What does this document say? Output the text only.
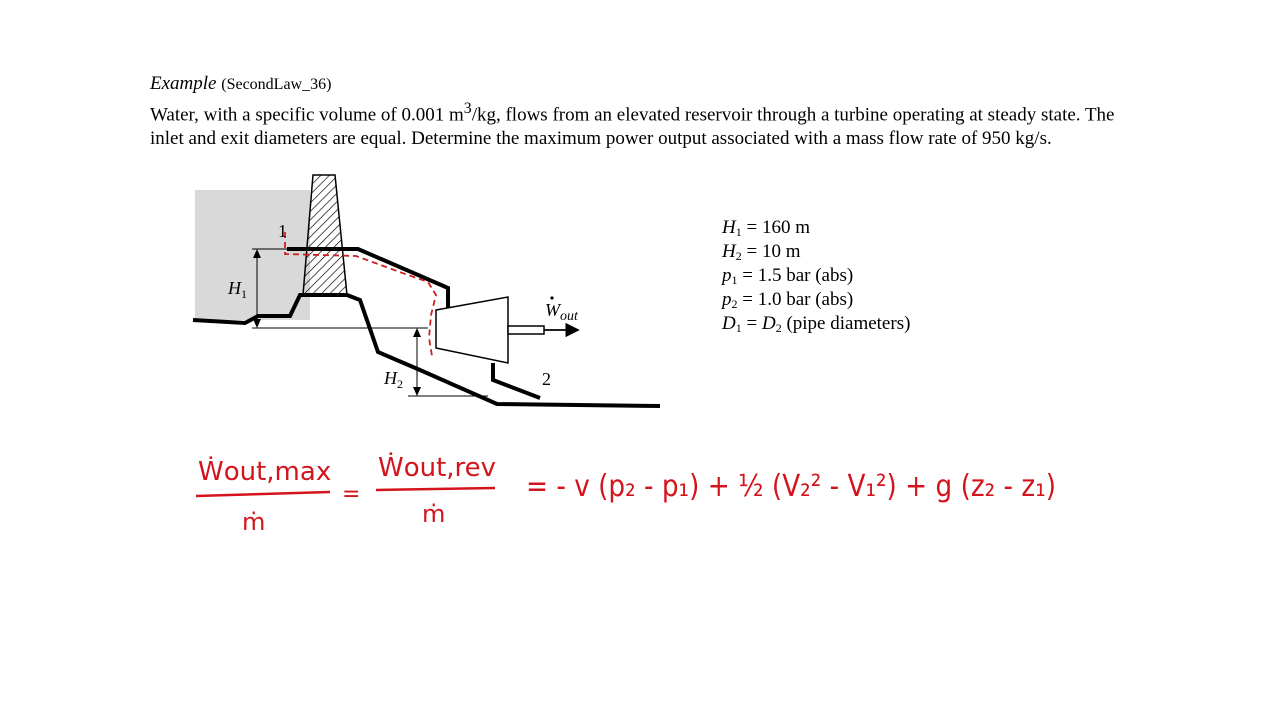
Example (SecondLaw_36)

Water, with a specific volume of 0.001 $m^3/kg$, flows from an elevated reservoir through a turbine operating at steady state. The inlet and exit diameters are equal. Determine the maximum power output associated with a mass flow rate of 950 kg/s.

1
2
$H_1$
$H_2$
$W_{out}$
$H_1 = 160$ m
$H_2 = 10$ m
$p_1 = 1.5$ bar (abs)
$p_2 = 1.0$ bar (abs)
$D_1 = D_2$ (pipe diameters)
Ẇout,max
ṁ
=
Ẇout,rev
ṁ
= - v (p₂ - p₁) + ½ (V₂² - V₁²) + g (z₂ - z₁)
